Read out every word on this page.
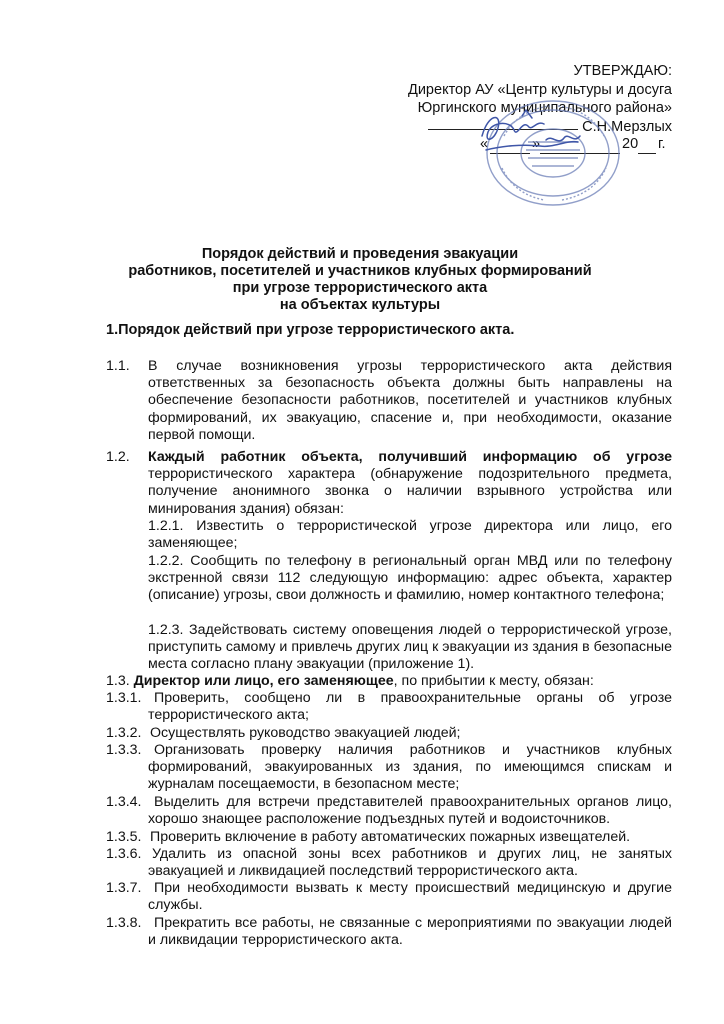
УТВЕРЖДАЮ:
Директор АУ «Центр культуры и досуга
Юргинского муниципального района»
С.Н.Мерзлых
«	»	20 г.
Порядок действий и проведения эвакуации
работников, посетителей и участников клубных формирований
при угрозе террористического акта
на объектах культуры
1.Порядок действий при угрозе террористического акта.
1.1. В случае возникновения угрозы террористического акта действия ответственных за безопасность объекта должны быть направлены на обеспечение безопасности работников, посетителей и участников клубных формирований, их эвакуацию, спасение и, при необходимости, оказание первой помощи.
1.2. Каждый работник объекта, получивший информацию об угрозе террористического характера (обнаружение подозрительного предмета, получение анонимного звонка о наличии взрывного устройства или минирования здания) обязан:
1.2.1. Известить о террористической угрозе директора или лицо, его заменяющее;
1.2.2. Сообщить по телефону в региональный орган МВД или по телефону экстренной связи 112 следующую информацию: адрес объекта, характер (описание) угрозы, свои должность и фамилию, номер контактного телефона;
1.2.3. Задействовать систему оповещения людей о террористической угрозе, приступить самому и привлечь других лиц к эвакуации из здания в безопасные места согласно плану эвакуации (приложение 1).
1.3. Директор или лицо, его заменяющее, по прибытии к месту, обязан:
1.3.1. Проверить, сообщено ли в правоохранительные органы об угрозе террористического акта;
1.3.2. Осуществлять руководство эвакуацией людей;
1.3.3. Организовать проверку наличия работников и участников клубных формирований, эвакуированных из здания, по имеющимся спискам и журналам посещаемости, в безопасном месте;
1.3.4. Выделить для встречи представителей правоохранительных органов лицо, хорошо знающее расположение подъездных путей и водоисточников.
1.3.5. Проверить включение в работу автоматических пожарных извещателей.
1.3.6. Удалить из опасной зоны всех работников и других лиц, не занятых эвакуацией и ликвидацией последствий террористического акта.
1.3.7. При необходимости вызвать к месту происшествий медицинскую и другие службы.
1.3.8. Прекратить все работы, не связанные с мероприятиями по эвакуации людей и ликвидации террористического акта.
